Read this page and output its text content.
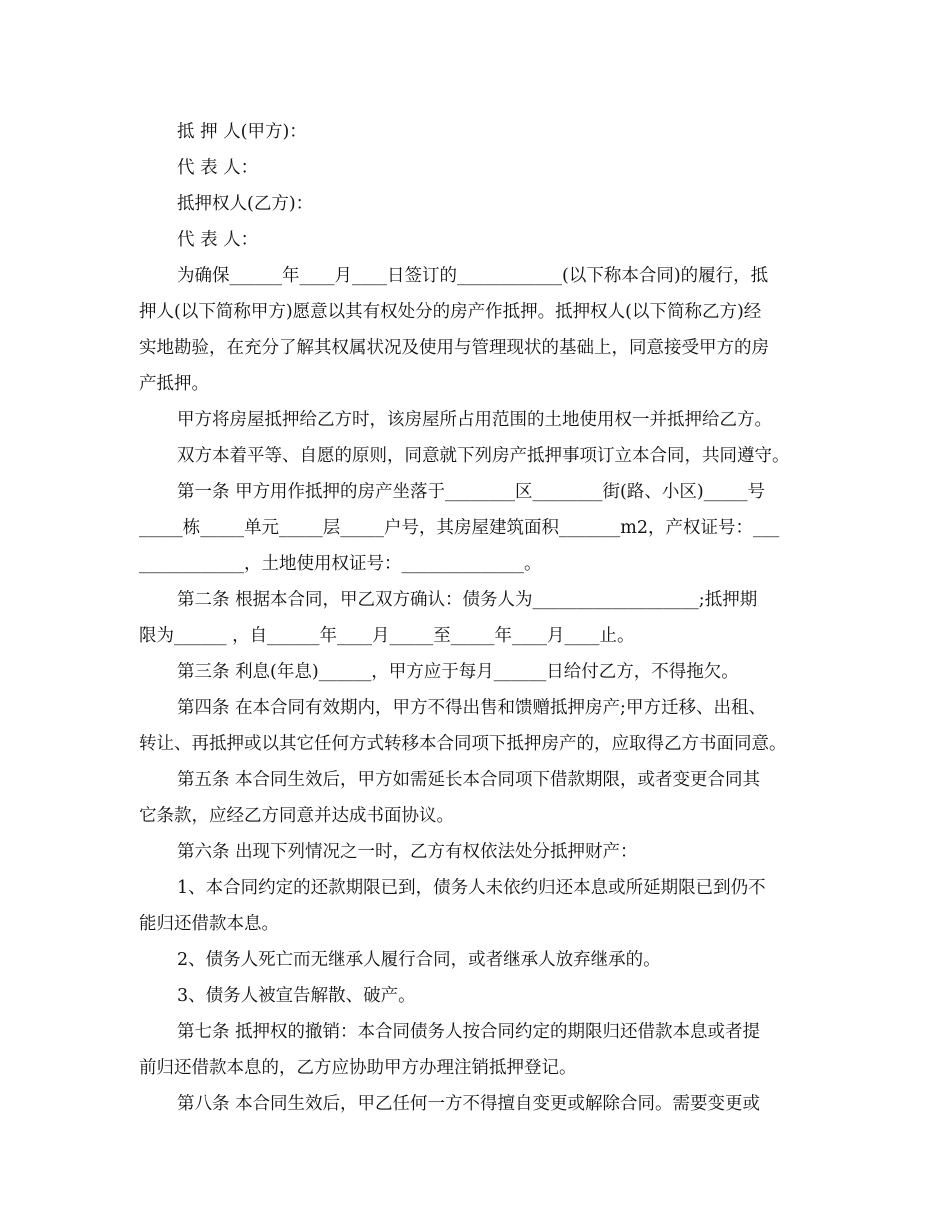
抵 押 人(甲方)：
代 表 人：
抵押权人(乙方)：
代 表 人：
为确保______年____月____日签订的____________(以下称本合同)的履行，抵
押人(以下简称甲方)愿意以其有权处分的房产作抵押。抵押权人(以下简称乙方)经
实地勘验，在充分了解其权属状况及使用与管理现状的基础上，同意接受甲方的房
产抵押。
甲方将房屋抵押给乙方时，该房屋所占用范围的土地使用权一并抵押给乙方。
双方本着平等、自愿的原则，同意就下列房产抵押事项订立本合同，共同遵守。
第一条 甲方用作抵押的房产坐落于________区________街(路、小区)_____号
_____栋_____单元_____层_____户号，其房屋建筑面积_______m2，产权证号：___
____________，土地使用权证号：______________。
第二条 根据本合同，甲乙双方确认：债务人为___________________;抵押期
限为______ ，自______年____月_____至_____年____月____止。
第三条 利息(年息)______，甲方应于每月______日给付乙方，不得拖欠。
第四条 在本合同有效期内，甲方不得出售和馈赠抵押房产;甲方迁移、出租、
转让、再抵押或以其它任何方式转移本合同项下抵押房产的，应取得乙方书面同意。
第五条 本合同生效后，甲方如需延长本合同项下借款期限，或者变更合同其
它条款，应经乙方同意并达成书面协议。
第六条 出现下列情况之一时，乙方有权依法处分抵押财产：
1、本合同约定的还款期限已到，债务人未依约归还本息或所延期限已到仍不
能归还借款本息。
2、债务人死亡而无继承人履行合同，或者继承人放弃继承的。
3、债务人被宣告解散、破产。
第七条 抵押权的撤销：本合同债务人按合同约定的期限归还借款本息或者提
前归还借款本息的，乙方应协助甲方办理注销抵押登记。
第八条 本合同生效后，甲乙任何一方不得擅自变更或解除合同。需要变更或
